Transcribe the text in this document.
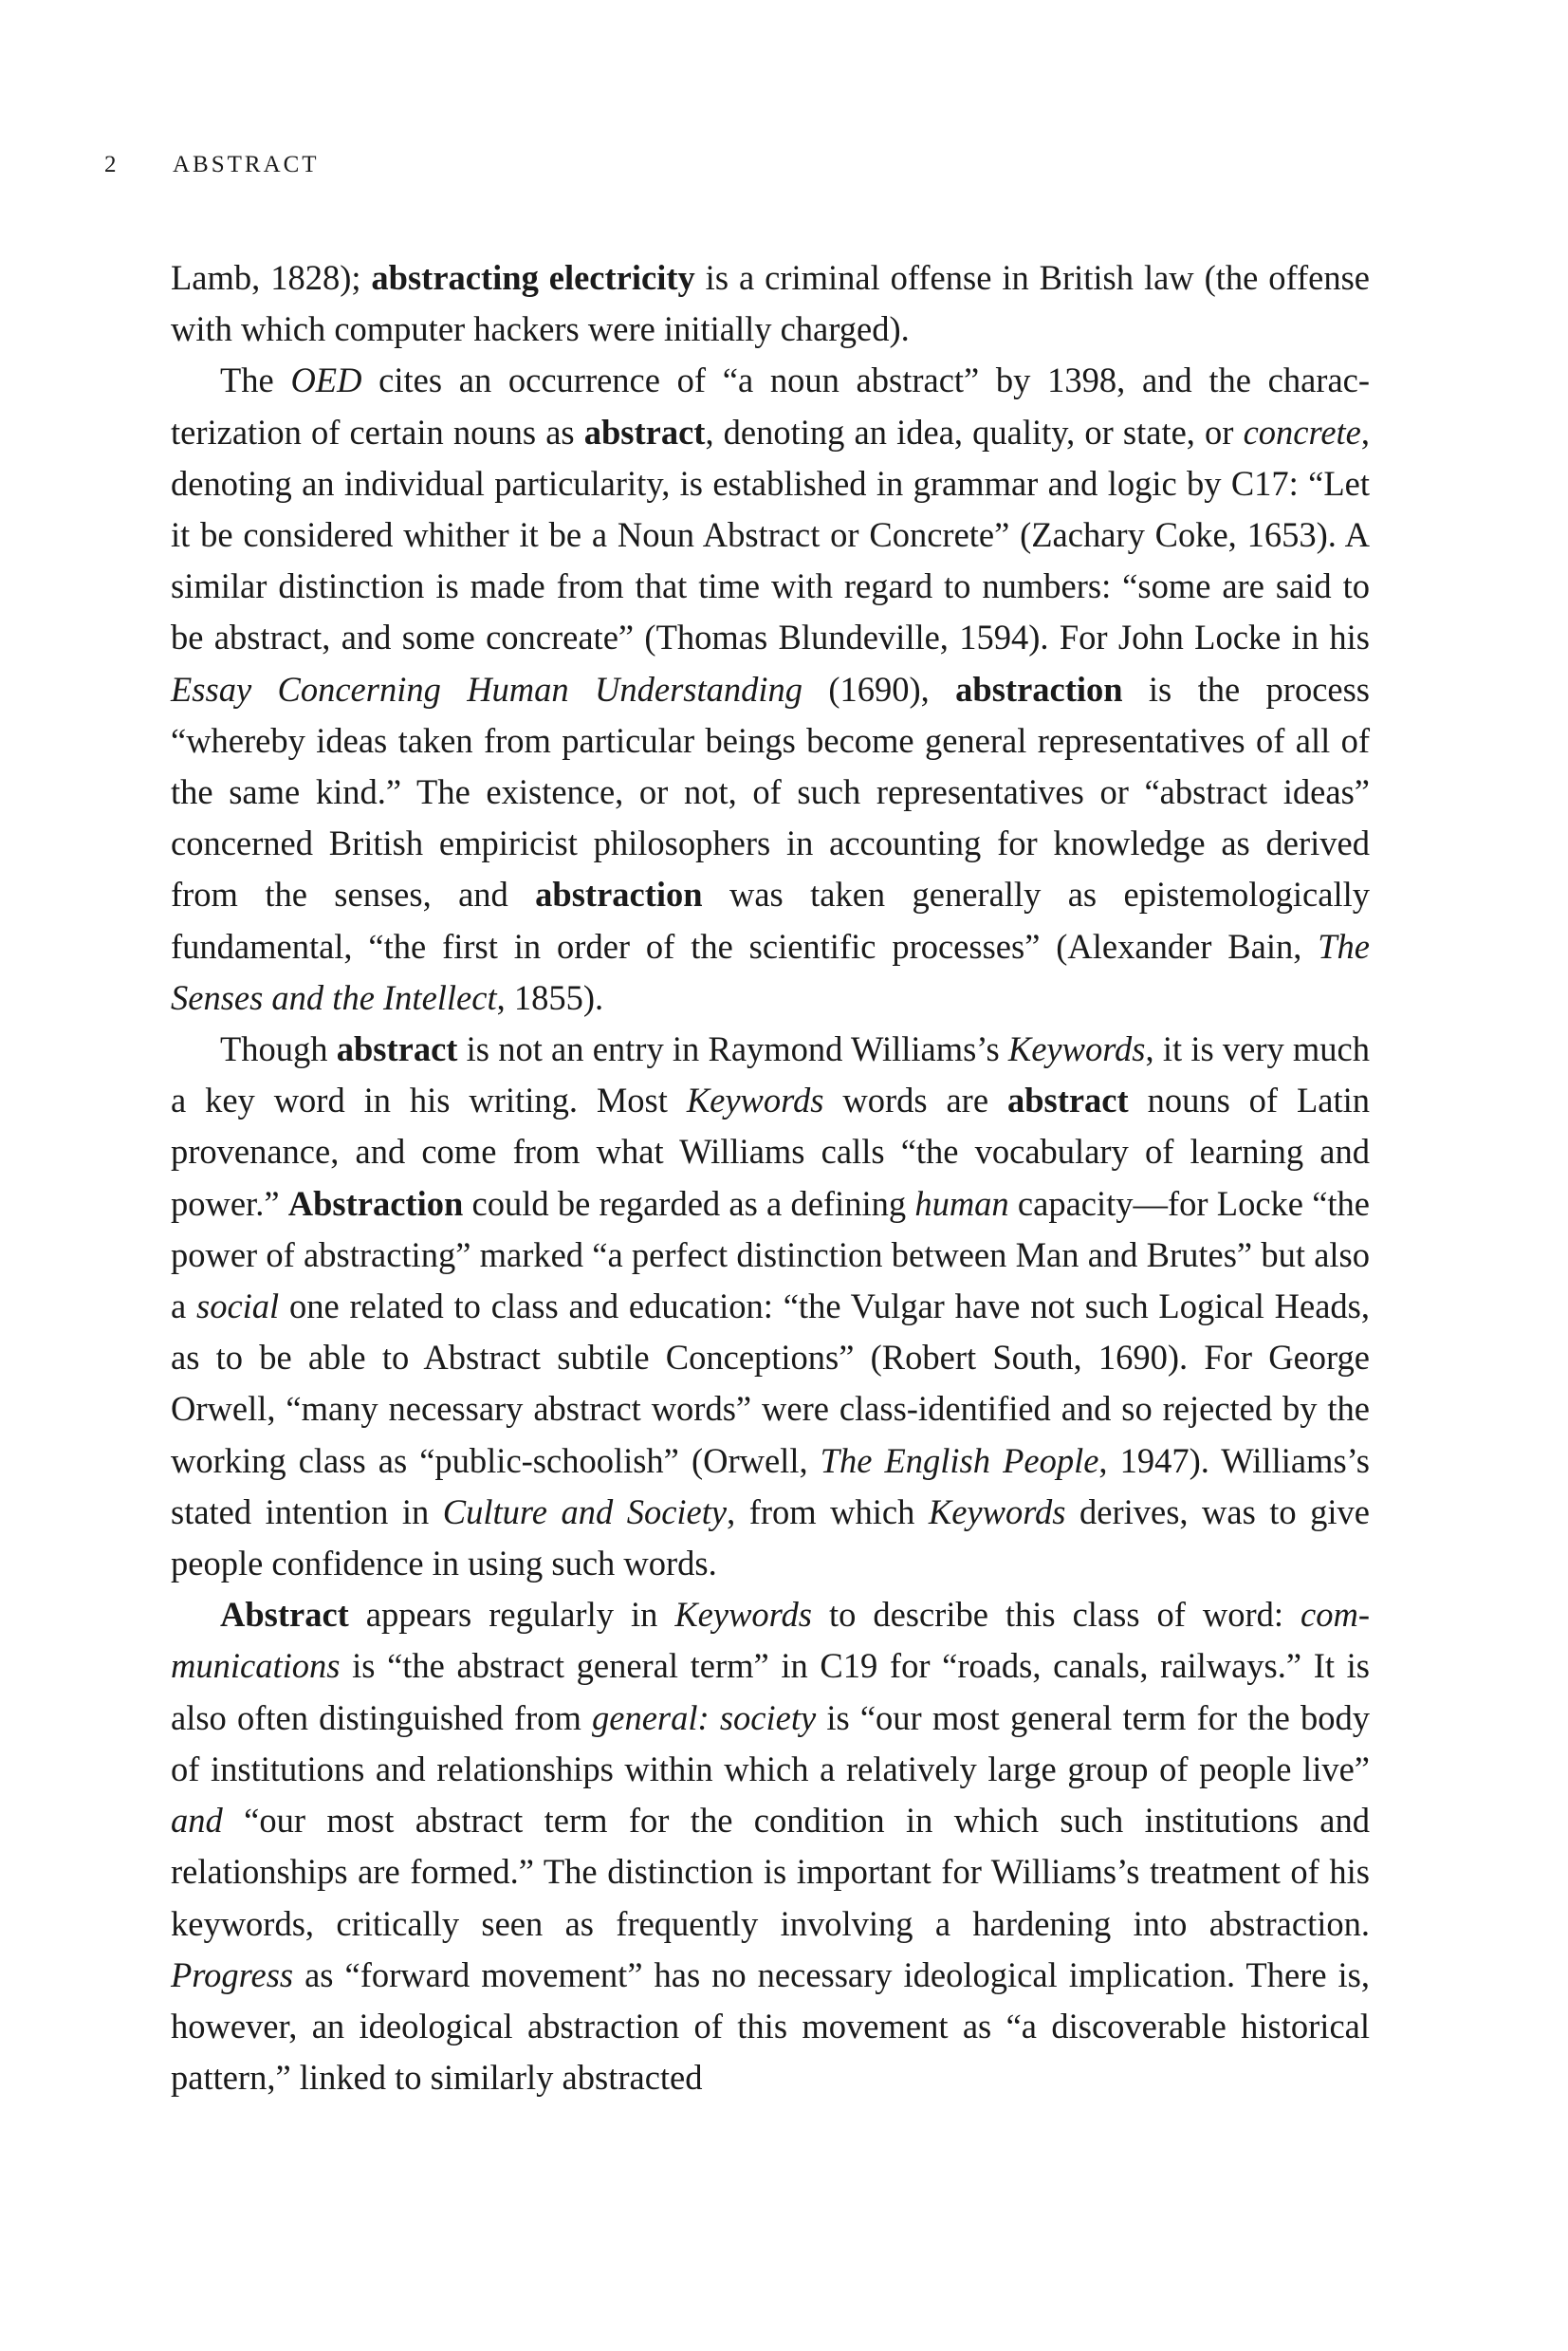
2 ABSTRACT

Lamb, 1828); abstracting electricity is a criminal offense in British law (the offense with which computer hackers were initially charged).

The OED cites an occurrence of “a noun abstract” by 1398, and the characterization of certain nouns as abstract, denoting an idea, quality, or state, or concrete, denoting an individual particularity, is established in grammar and logic by C17: “Let it be considered whither it be a Noun Abstract or Concrete” (Zachary Coke, 1653). A similar distinction is made from that time with regard to numbers: “some are said to be abstract, and some concreate” (Thomas Blundeville, 1594). For John Locke in his Essay Concerning Human Understanding (1690), abstraction is the process “whereby ideas taken from particular beings become general representatives of all of the same kind.” The existence, or not, of such representatives or “abstract ideas” concerned British empiricist philosophers in accounting for knowledge as derived from the senses, and abstraction was taken generally as epistemologically fundamental, “the first in order of the scientific processes” (Alexander Bain, The Senses and the Intellect, 1855).

Though abstract is not an entry in Raymond Williams’s Keywords, it is very much a key word in his writing. Most Keywords words are abstract nouns of Latin provenance, and come from what Williams calls “the vocabulary of learning and power.” Abstraction could be regarded as a defining human capacity—for Locke “the power of abstracting” marked “a perfect distinction between Man and Brutes” but also a social one related to class and education: “the Vulgar have not such Logical Heads, as to be able to Abstract subtile Conceptions” (Robert South, 1690). For George Orwell, “many necessary abstract words” were class-identified and so rejected by the working class as “public-schoolish” (Orwell, The English People, 1947). Williams’s stated intention in Culture and Society, from which Keywords derives, was to give people confidence in using such words.

Abstract appears regularly in Keywords to describe this class of word: communications is “the abstract general term” in C19 for “roads, canals, railways.” It is also often distinguished from general: society is “our most general term for the body of institutions and relationships within which a relatively large group of people live” and “our most abstract term for the condition in which such institutions and relationships are formed.” The distinction is important for Williams’s treatment of his keywords, critically seen as frequently involving a hardening into abstraction. Progress as “forward movement” has no necessary ideological implication. There is, however, an ideological abstraction of this movement as “a discoverable historical pattern,” linked to similarly abstracted
